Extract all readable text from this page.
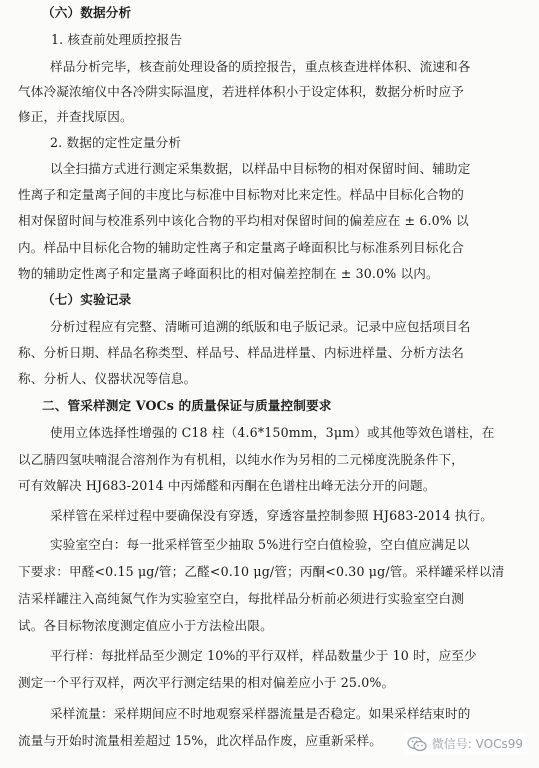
（六）数据分析
1. 核查前处理质控报告
样品分析完毕，核查前处理设备的质控报告，重点核查进样体积、流速和各
气体冷凝浓缩仪中各冷阱实际温度，若进样体积小于设定体积，数据分析时应予
修正，并查找原因。
2. 数据的定性定量分析
以全扫描方式进行测定采集数据，以样品中目标物的相对保留时间、辅助定
性离子和定量离子间的丰度比与标准中目标物对比来定性。样品中目标化合物的
相对保留时间与校准系列中该化合物的平均相对保留时间的偏差应在 ± 6.0% 以
内。样品中目标化合物的辅助定性离子和定量离子峰面积比与标准系列目标化合
物的辅助定性离子和定量离子峰面积比的相对偏差控制在 ± 30.0% 以内。
（七）实验记录
分析过程应有完整、清晰可追溯的纸版和电子版记录。记录中应包括项目名
称、分析日期、样品名称类型、样品号、样品进样量、内标进样量、分析方法名
称、分析人、仪器状况等信息。
二、管采样测定 VOCs 的质量保证与质量控制要求
使用立体选择性增强的 C18 柱（4.6*150mm，3μm）或其他等效色谱柱，在
以乙腈四氢呋喃混合溶剂作为有机相，以纯水作为另相的二元梯度洗脱条件下，
可有效解决 HJ683-2014 中丙烯醛和丙酮在色谱柱出峰无法分开的问题。
采样管在采样过程中要确保没有穿透，穿透容量控制参照 HJ683-2014 执行。
实验室空白：每一批采样管至少抽取 5%进行空白值检验，空白值应满足以
下要求：甲醛<0.15 μg/管；乙醛<0.10 μg/管；丙酮<0.30 μg/管。采样罐采样以清
洁采样罐注入高纯氮气作为实验室空白，每批样品分析前必须进行实验室空白测
试。各目标物浓度测定值应小于方法检出限。
平行样：每批样品至少测定 10%的平行双样，样品数量少于 10 时，应至少
测定一个平行双样，两次平行测定结果的相对偏差应小于 25.0%。
采样流量：采样期间应不时地观察采样器流量是否稳定。如果采样结束时的
流量与开始时流量相差超过 15%，此次样品作废，应重新采样。	微信号: VOCs99
